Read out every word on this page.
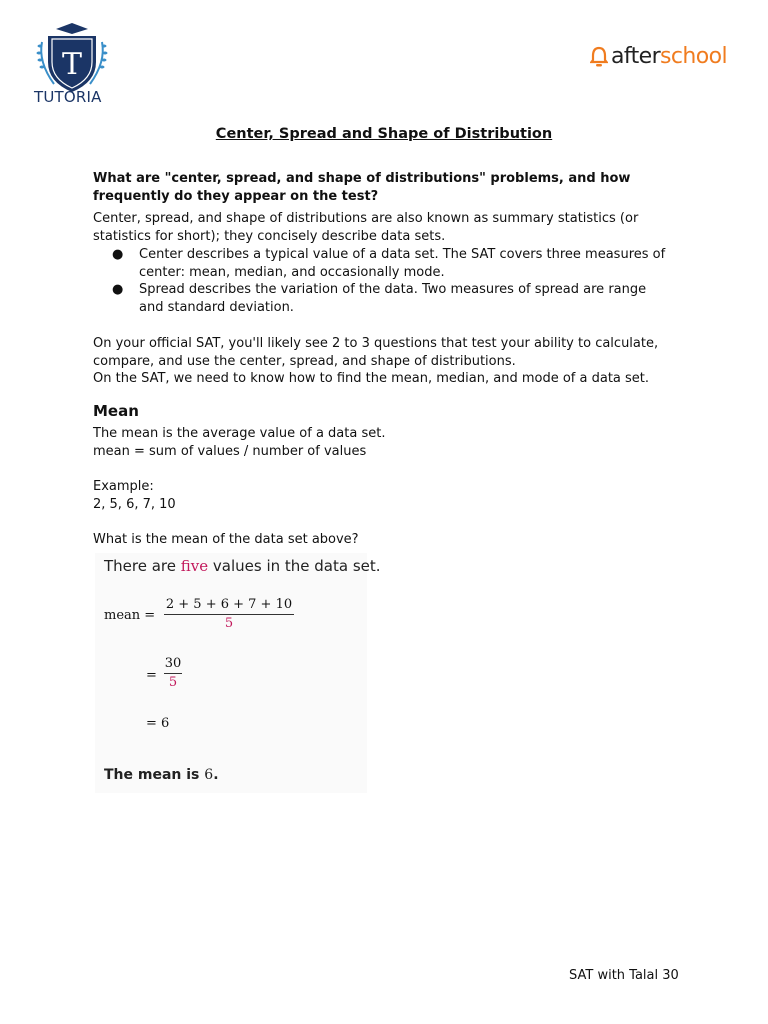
T
TUTORIA
after school
Center, Spread and Shape of Distribution
What are "center, spread, and shape of distributions" problems, and how frequently do they appear on the test?
Center, spread, and shape of distributions are also known as summary statistics (or statistics for short); they concisely describe data sets.
● Center describes a typical value of a data set. The SAT covers three measures of center: mean, median, and occasionally mode.
● Spread describes the variation of the data. Two measures of spread are range and standard deviation.
On your official SAT, you'll likely see 2 to 3 questions that test your ability to calculate, compare, and use the center, spread, and shape of distributions.
On the SAT, we need to know how to find the mean, median, and mode of a data set.
Mean
The mean is the average value of a data set.
mean = sum of values / number of values
Example:
2, 5, 6, 7, 10
What is the mean of the data set above?
There are five values in the data set.
mean = $\frac{2 + 5 + 6 + 7 + 10}{5}$
= $\frac{30}{5}$
= 6
The mean is 6.
SAT with Talal 30
